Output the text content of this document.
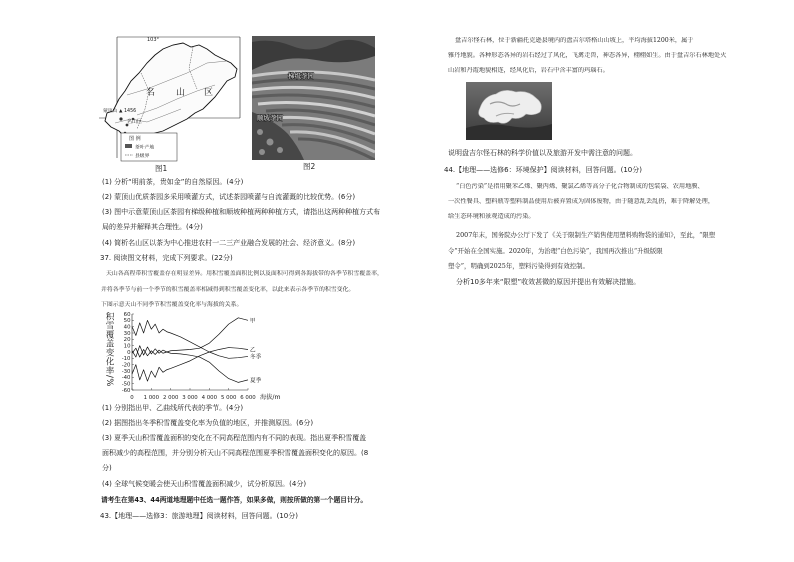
103°
名 山 区
蒙顶山 ▲ 1456
名山区
图 例
茶叶产地
县级界
图1
梯级茶园
顺坡茶园
图2
(1) 分析“明前茶，贵如金”的自然原因。(4分)
(2) 蒙顶山优质茶园多采用喷灌方式，试述茶园喷灌与自流灌溉的比较优势。(6分)
(3) 图中示意蒙顶山区茶园有梯级种植和顺坡种植两种种植方式，请指出这两种种植方式布
局的差异并解释其合理性。(4分)
(4) 简析名山区以茶为中心推进农村一二三产业融合发展的社会、经济意义。(8分)
37. 阅读图文材料，完成下列要求。(22分)
天山各高程带积雪覆盖存在明显差异。用积雪覆盖面积比例以及面积可得到各海拔带的各季节积雪覆盖率，
并将各季节与前一个季节的积雪覆盖率相减得到积雪覆盖变化率，以此来表示各季节的积雪变化。
下图示意天山不同季节积雪覆盖变化率与海拔的关系。
积雪覆盖变化率/%
海拔/m
60
50
40
30
20
10
0
-10
-20
-30
-40
-50
-60
0 1 000 2 000 3 000 4 000 5 000 6 000
甲
乙
冬季
夏季
(1) 分别指出甲、乙曲线所代表的季节。(4分)
(2) 据图指出冬季积雪覆盖变化率为负值的地区，并推测原因。(6分)
(3) 夏季天山积雪覆盖面积的变化在不同高程范围内有不同的表现。指出夏季积雪覆盖
面积减少的高程范围，并分别分析天山不同高程范围夏季积雪覆盖面积变化的原因。(8
分)
(4) 全球气候变暖会使天山积雪覆盖面积减少，试分析原因。(4分)
请考生在第43、44两道地理题中任选一题作答，如果多做，则按所做的第一个题目计分。
43.【地理——选修3：旅游地理】阅读材料，回答问题。(10分)
盘吉尔怪石林，位于新疆托克逊县境内的盘吉尔塔格山山坡上，平均海拔1200米，属于
雅丹地貌。各种形态各异的岩石经过了风化，飞禽走兽，神态各异，栩栩如生。由于盘吉尔石林地处火
山岩和丹霞地貌相连，经风化后，岩石中含丰富的玛瑙石。
说明盘吉尔怪石林的科学价值以及旅游开发中需注意的问题。
44.【地理——选修6：环境保护】阅读材料，回答问题。(10分)
“白色污染”是指用聚苯乙烯、聚丙烯、聚氯乙烯等高分子化合物制成的包装袋、农用地膜、
一次性餐具、塑料瓶等塑料制品使用后被弃置成为固体废物，由于随意乱丢乱扔，难于降解处理，
给生态环境和景观造成的污染。
2007年末，国务院办公厅下发了《关于限制生产销售使用塑料购物袋的通知》，至此，“限塑
令”开始在全国实施。2020年，为治理“白色污染”，我国再次推出“升级版限
塑令”，明确到2025年，塑料污染得到有效控制。
分析10多年来“限塑”收效甚微的原因并提出有效解决措施。
